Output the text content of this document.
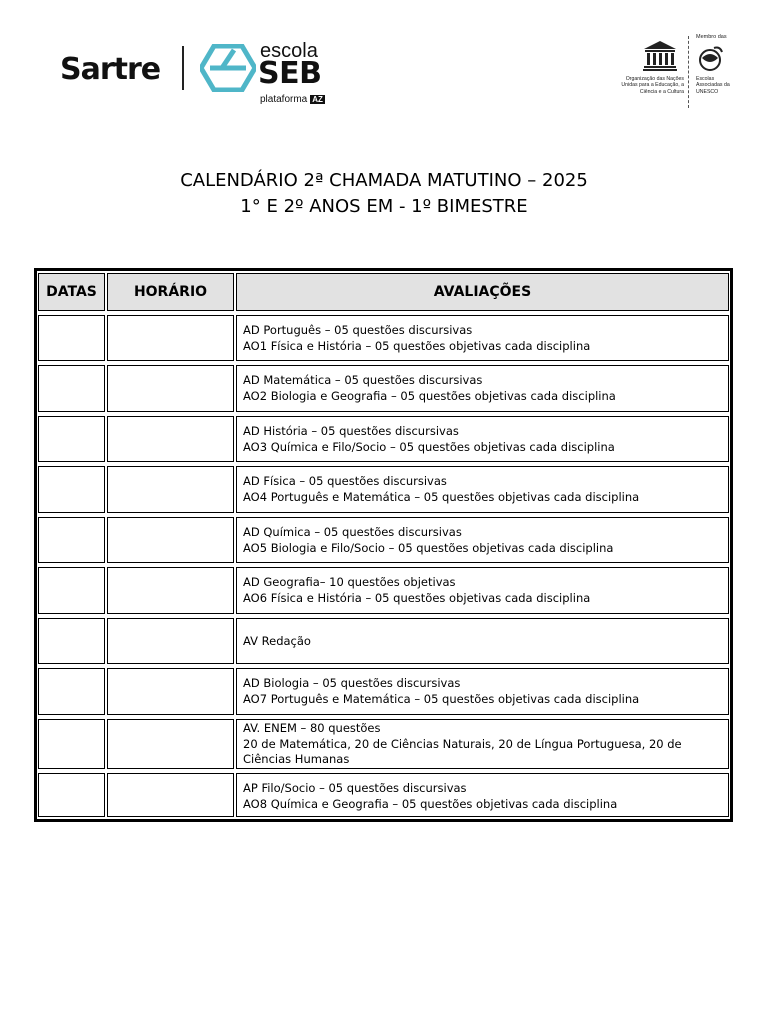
Sartre
escola
SEB
plataforma AZ
Organização das Nações Unidas para a Educação, a Ciência e a Cultura
Membro das
Escolas Associadas da UNESCO
CALENDÁRIO 2ª CHAMADA MATUTINO – 2025
1° E 2º ANOS EM - 1º BIMESTRE
DATAS	HORÁRIO	AVALIAÇÕES
AD Português – 05 questões discursivas
AO1 Física e História – 05 questões objetivas cada disciplina
AD Matemática – 05 questões discursivas
AO2 Biologia e Geografia – 05 questões objetivas cada disciplina
AD História – 05 questões discursivas
AO3 Química e Filo/Socio – 05 questões objetivas cada disciplina
AD Física – 05 questões discursivas
AO4 Português e Matemática – 05 questões objetivas cada disciplina
AD Química – 05 questões discursivas
AO5 Biologia e Filo/Socio – 05 questões objetivas cada disciplina
AD Geografia– 10 questões objetivas
AO6 Física e História – 05 questões objetivas cada disciplina
AV Redação
AD Biologia – 05 questões discursivas
AO7 Português e Matemática – 05 questões objetivas cada disciplina
AV. ENEM – 80 questões
20 de Matemática, 20 de Ciências Naturais, 20 de Língua Portuguesa, 20 de Ciências Humanas
AP Filo/Socio – 05 questões discursivas
AO8 Química e Geografia – 05 questões objetivas cada disciplina
